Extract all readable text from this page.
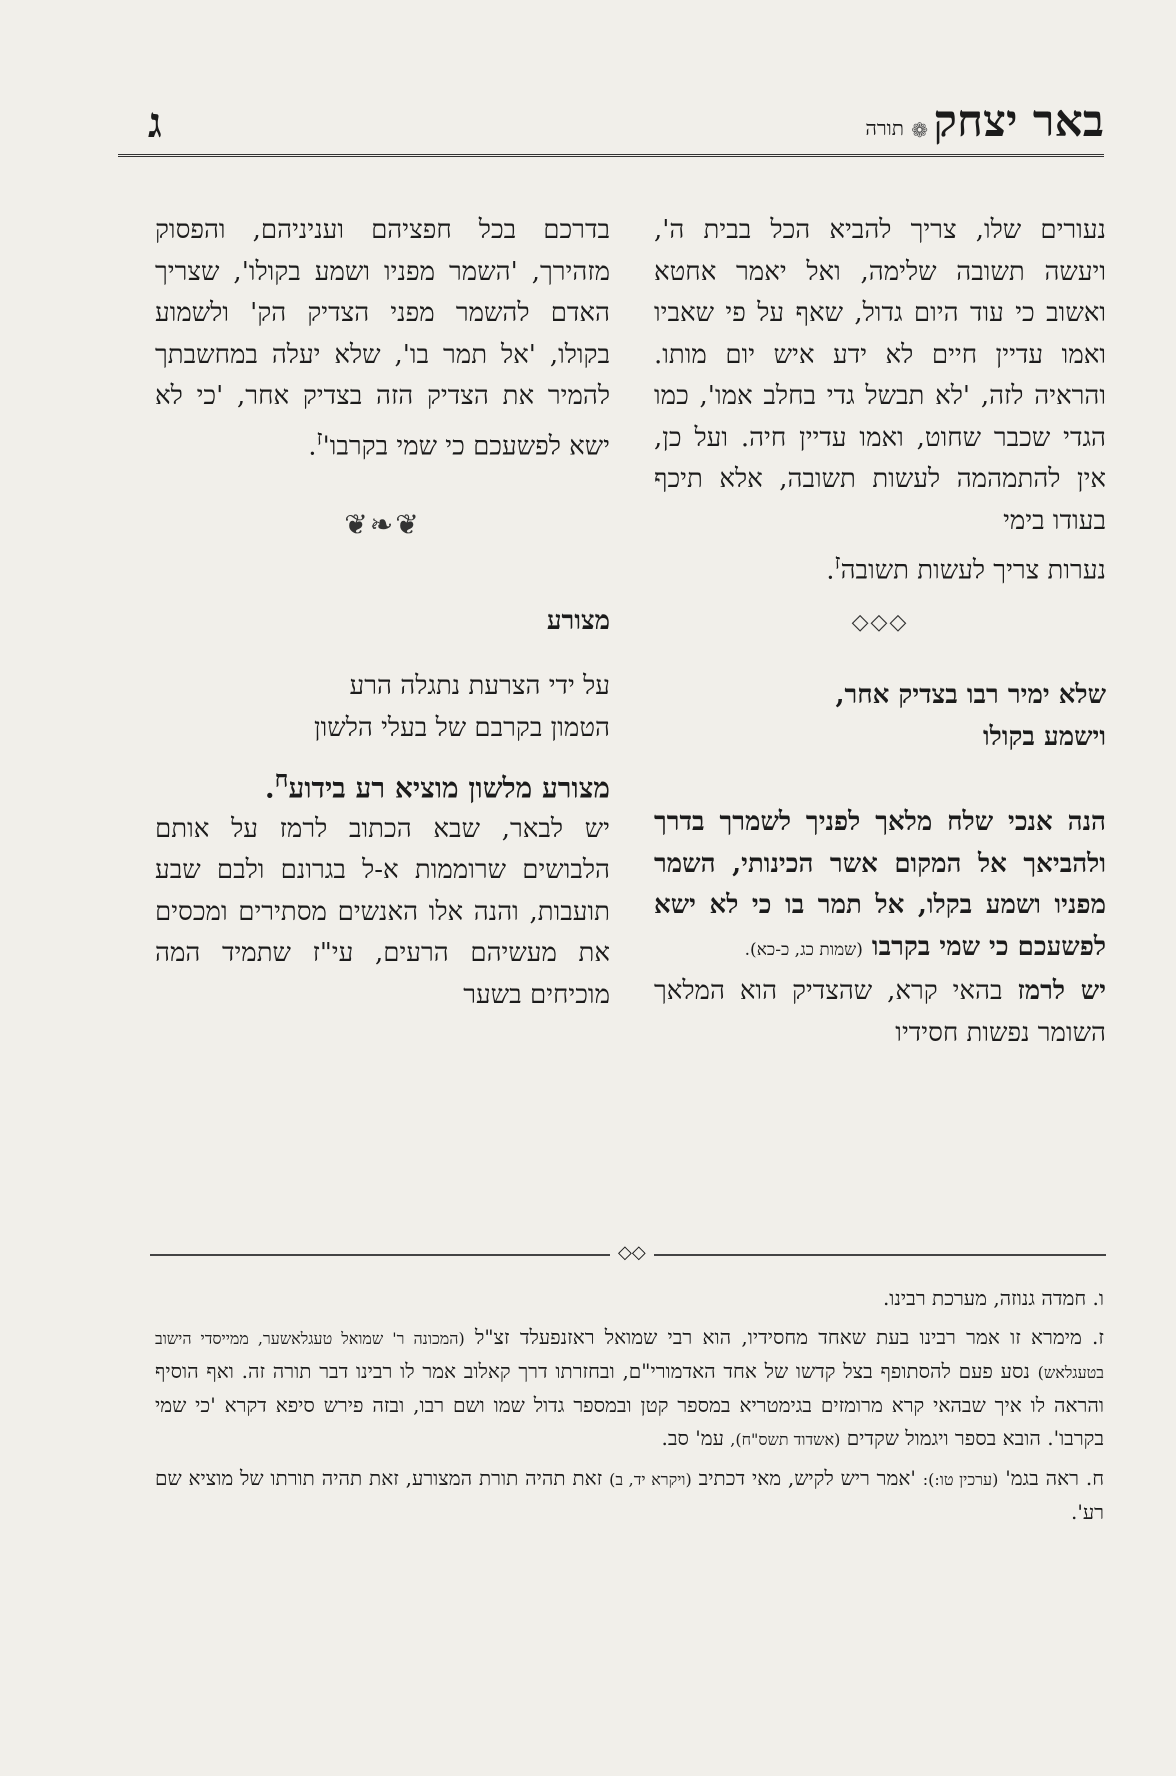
באר יצחק
❁
תורה
ג

נעורים שלו, צריך להביא הכל בבית ה', ויעשה תשובה שלימה, ואל יאמר אחטא ואשוב כי עוד היום גדול, שאף על פי שאביו ואמו עדיין חיים לא ידע איש יום מותו. והראיה לזה, 'לא תבשל גדי בחלב אמו', כמו הגדי שכבר שחוט, ואמו עדיין חיה. ועל כן, אין להתמהמה לעשות תשובה, אלא תיכף בעודו בימי
נערות צריך לעשות תשובה$^ז$.

◇◇◇

שלא ימיר רבו בצדיק אחר,

וישמע בקולו

הנה אנכי שלח מלאך לפניך לשמרך בדרך ולהביאך אל המקום אשר הכינותי, השמר מפניו ושמע בקלו, אל תמר בו כי לא ישא לפשעכם כי שמי בקרבו (שמות כג, כ-כא).

יש לרמז בהאי קרא, שהצדיק הוא המלאך השומר נפשות חסידיו

בדרכם בכל חפציהם ועניניהם, והפסוק מזהירך, 'השמר מפניו ושמע בקולו', שצריך האדם להשמר מפני הצדיק הק' ולשמוע בקולו, 'אל תמר בו', שלא יעלה במחשבתך להמיר את הצדיק הזה בצדיק אחר, 'כי לא ישא לפשעכם כי שמי $בקרבו'^ז$.

❦❧❦

מצורע

על ידי הצרעת נתגלה הרע

הטמון בקרבם של בעלי הלשון

מצורע מלשון מוציא רע בידוע$^ח$.

יש לבאר, שבא הכתוב לרמז על אותם הלבושים שרוממות א-ל בגרונם ולבם שבע תועבות, והנה אלו האנשים מסתירים ומכסים את מעשיהם הרעים, עי"ז שתמיד המה מוכיחים בשער

◇◇

ו. חמדה גנוזה, מערכת רבינו.

ז. מימרא זו אמר רבינו בעת שאחד מחסידיו, הוא רבי שמואל ראזנפעלד זצ"ל (המכונה ר' שמואל טעגלאשער, ממייסדי הישוב בטעגלאש) נסע פעם להסתופף בצל קדשו של אחד האדמורי"ם, ובחזרתו דרך קאלוב אמר לו רבינו דבר תורה זה. ואף הוסיף והראה לו איך שבהאי קרא מרומזים בגימטריא במספר קטן ובמספר גדול שמו ושם רבו, ובזה פירש סיפא דקרא 'כי שמי בקרבו'. הובא בספר ויגמול שקדים (אשדוד תשס"ח), עמ' סב.

ח. ראה בגמ' (ערכין טו:): 'אמר ריש לקיש, מאי דכתיב (ויקרא יד, ב) זאת תהיה תורת המצורע, זאת תהיה תורתו של מוציא שם רע'.
